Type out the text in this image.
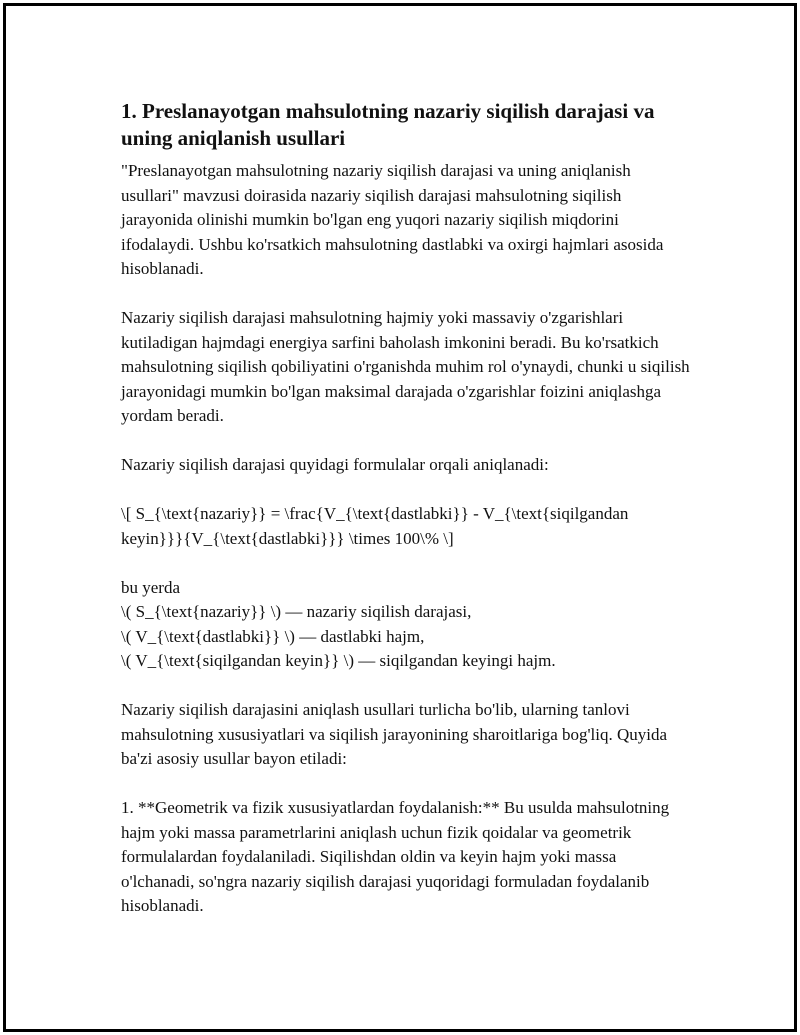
1. Preslanayotgan mahsulotning nazariy siqilish darajasi va uning aniqlanish usullari

"Preslanayotgan mahsulotning nazariy siqilish darajasi va uning aniqlanish usullari" mavzusi doirasida nazariy siqilish darajasi mahsulotning siqilish jarayonida olinishi mumkin bo'lgan eng yuqori nazariy siqilish miqdorini ifodalaydi. Ushbu ko'rsatkich mahsulotning dastlabki va oxirgi hajmlari asosida hisoblanadi.

Nazariy siqilish darajasi mahsulotning hajmiy yoki massaviy o'zgarishlari kutiladigan hajmdagi energiya sarfini baholash imkonini beradi. Bu ko'rsatkich mahsulotning siqilish qobiliyatini o'rganishda muhim rol o'ynaydi, chunki u siqilish jarayonidagi mumkin bo'lgan maksimal darajada o'zgarishlar foizini aniqlashga yordam beradi.

Nazariy siqilish darajasi quyidagi formulalar orqali aniqlanadi:

\[ S_{\text{nazariy}} = \frac{V_{\text{dastlabki}} - V_{\text{siqilgandan keyin}}}{V_{\text{dastlabki}}} \times 100\% \]

bu yerda
\( S_{\text{nazariy}} \) — nazariy siqilish darajasi,
\( V_{\text{dastlabki}} \) — dastlabki hajm,
\( V_{\text{siqilgandan keyin}} \) — siqilgandan keyingi hajm.

Nazariy siqilish darajasini aniqlash usullari turlicha bo'lib, ularning tanlovi mahsulotning xususiyatlari va siqilish jarayonining sharoitlariga bog'liq. Quyida ba'zi asosiy usullar bayon etiladi:

1. **Geometrik va fizik xususiyatlardan foydalanish:** Bu usulda mahsulotning hajm yoki massa parametrlarini aniqlash uchun fizik qoidalar va geometrik formulalardan foydalaniladi. Siqilishdan oldin va keyin hajm yoki massa o'lchanadi, so'ngra nazariy siqilish darajasi yuqoridagi formuladan foydalanib hisoblanadi.
